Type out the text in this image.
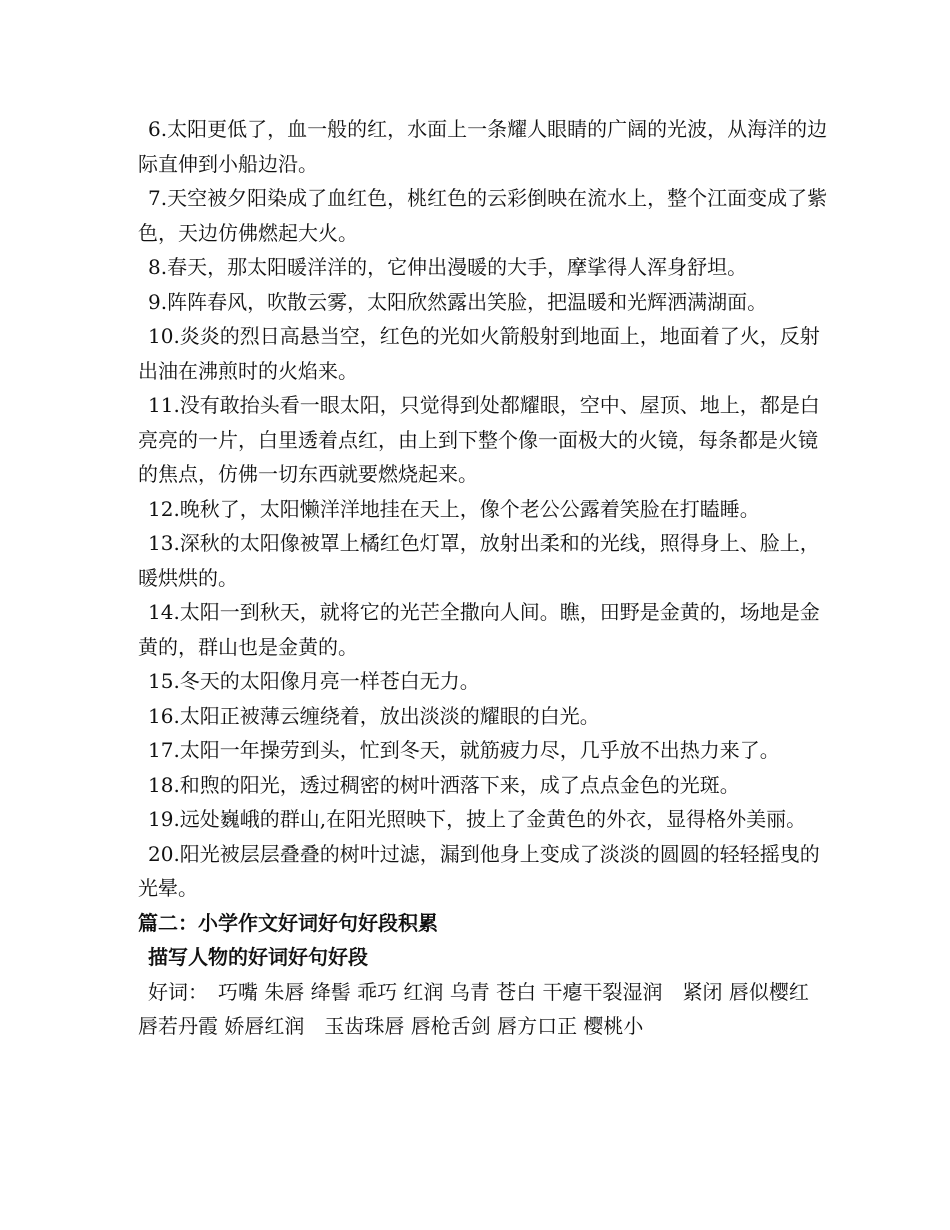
6.太阳更低了，血一般的红，水面上一条耀人眼睛的广阔的光波，从海洋的边际直伸到小船边沿。

7.天空被夕阳染成了血红色，桃红色的云彩倒映在流水上，整个江面变成了紫色，天边仿佛燃起大火。

8.春天，那太阳暖洋洋的，它伸出漫暖的大手，摩挲得人浑身舒坦。

9.阵阵春风，吹散云雾，太阳欣然露出笑脸，把温暖和光辉洒满湖面。

10.炎炎的烈日高悬当空，红色的光如火箭般射到地面上，地面着了火，反射出油在沸煎时的火焰来。

11.没有敢抬头看一眼太阳，只觉得到处都耀眼，空中、屋顶、地上，都是白亮亮的一片，白里透着点红，由上到下整个像一面极大的火镜，每条都是火镜的焦点，仿佛一切东西就要燃烧起来。

12.晚秋了，太阳懒洋洋地挂在天上，像个老公公露着笑脸在打瞌睡。

13.深秋的太阳像被罩上橘红色灯罩，放射出柔和的光线，照得身上、脸上，暖烘烘的。

14.太阳一到秋天，就将它的光芒全撒向人间。瞧，田野是金黄的，场地是金黄的，群山也是金黄的。

15.冬天的太阳像月亮一样苍白无力。

16.太阳正被薄云缠绕着，放出淡淡的耀眼的白光。

17.太阳一年操劳到头，忙到冬天，就筋疲力尽，几乎放不出热力来了。

18.和煦的阳光，透过稠密的树叶洒落下来，成了点点金色的光斑。

19.远处巍峨的群山,在阳光照映下，披上了金黄色的外衣，显得格外美丽。

20.阳光被层层叠叠的树叶过滤，漏到他身上变成了淡淡的圆圆的轻轻摇曳的光晕。

篇二：小学作文好词好句好段积累
描写人物的好词好句好段

好词：　巧嘴 朱唇 绛髻 乖巧 红润 乌青 苍白 干瘪干裂湿润　紧闭 唇似樱红 唇若丹霞 娇唇红润　玉齿珠唇 唇枪舌剑 唇方口正 樱桃小
